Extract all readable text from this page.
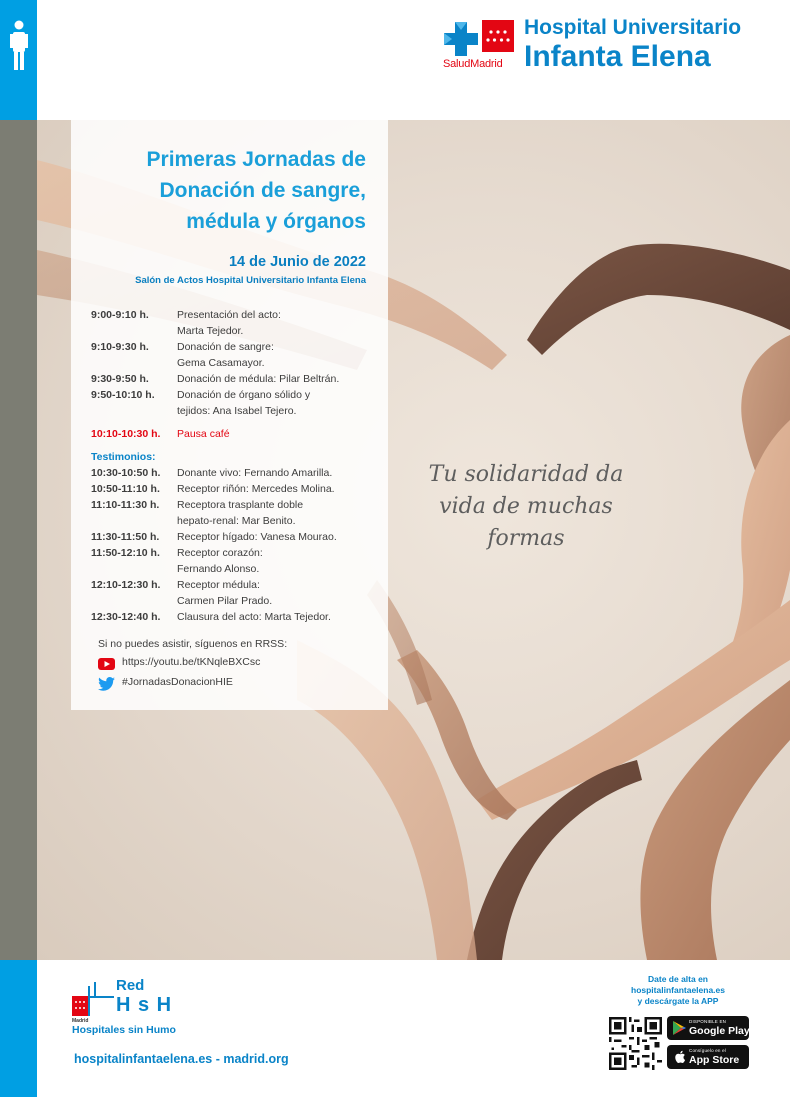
SaludMadrid
Hospital Universitario
Infanta Elena
Tu solidaridad da
vida de muchas
formas
Primeras Jornadas de
Donación de sangre,
médula y órganos
14 de Junio de 2022
Salón de Actos Hospital Universitario Infanta Elena
9:00-9:10 h.	Presentación del acto:
Marta Tejedor.
9:10-9:30 h.	Donación de sangre:
Gema Casamayor.
9:30-9:50 h.	Donación de médula: Pilar Beltrán.
9:50-10:10 h.	Donación de órgano sólido y
tejidos: Ana Isabel Tejero.
10:10-10:30 h.	Pausa café
Testimonios:
10:30-10:50 h.	Donante vivo: Fernando Amarilla.
10:50-11:10 h.	Receptor riñón: Mercedes Molina.
11:10-11:30 h.	Receptora trasplante doble
hepato-renal: Mar Benito.
11:30-11:50 h.	Receptor hígado: Vanesa Mourao.
11:50-12:10 h.	Receptor corazón:
Fernando Alonso.
12:10-12:30 h.	Receptor médula:
Carmen Pilar Prado.
12:30-12:40 h.	Clausura del acto: Marta Tejedor.
Si no puedes asistir, síguenos en RRSS:
https://youtu.be/tKNqleBXCsc
#JornadasDonacionHIE
Red
H s H
Madrid
Hospitales sin Humo
hospitalinfantaelena.es - madrid.org
Date de alta en
hospitalinfantaelena.es
y descárgate la APP
DISPONIBLE EN
Google Play
Consíguelo en el
App Store
